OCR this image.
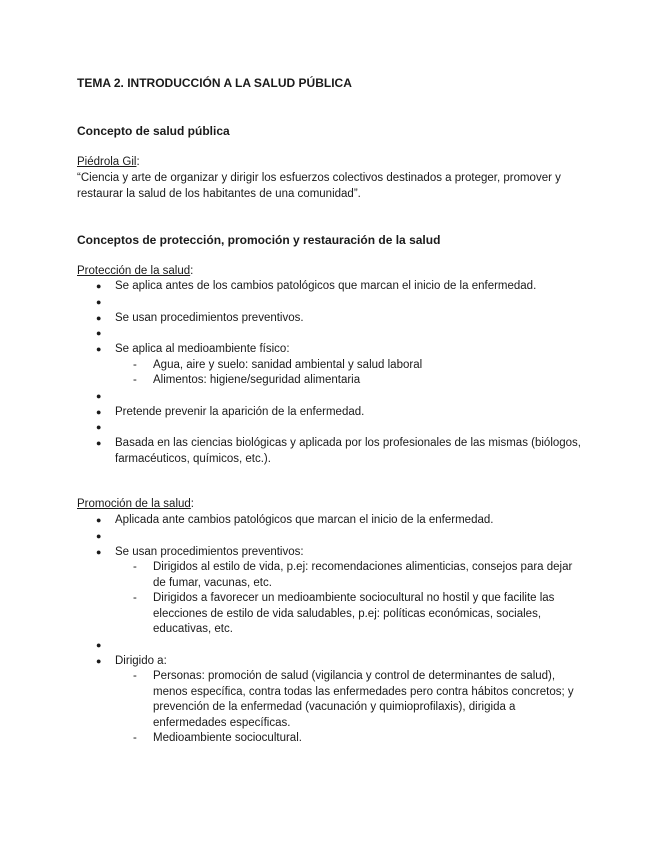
TEMA 2. INTRODUCCIÓN A LA SALUD PÚBLICA

Concepto de salud pública

Piédrola Gil:

“Ciencia y arte de organizar y dirigir los esfuerzos colectivos destinados a proteger, promover y restaurar la salud de los habitantes de una comunidad”.

Conceptos de protección, promoción y restauración de la salud

Protección de la salud:

● Se aplica antes de los cambios patológicos que marcan el inicio de la enfermedad.
●
● Se usan procedimientos preventivos.
●
● Se aplica al medioambiente físico:
- Agua, aire y suelo: sanidad ambiental y salud laboral
- Alimentos: higiene/seguridad alimentaria
●
● Pretende prevenir la aparición de la enfermedad.
●
● Basada en las ciencias biológicas y aplicada por los profesionales de las mismas (biólogos, farmacéuticos, químicos, etc.).

Promoción de la salud:

● Aplicada ante cambios patológicos que marcan el inicio de la enfermedad.
●
● Se usan procedimientos preventivos:
- Dirigidos al estilo de vida, p.ej: recomendaciones alimenticias, consejos para dejar de fumar, vacunas, etc.
- Dirigidos a favorecer un medioambiente sociocultural no hostil y que facilite las elecciones de estilo de vida saludables, p.ej: políticas económicas, sociales, educativas, etc.
●
● Dirigido a:
- Personas: promoción de salud (vigilancia y control de determinantes de salud), menos específica, contra todas las enfermedades pero contra hábitos concretos; y prevención de la enfermedad (vacunación y quimioprofilaxis), dirigida a enfermedades específicas.
- Medioambiente sociocultural.
